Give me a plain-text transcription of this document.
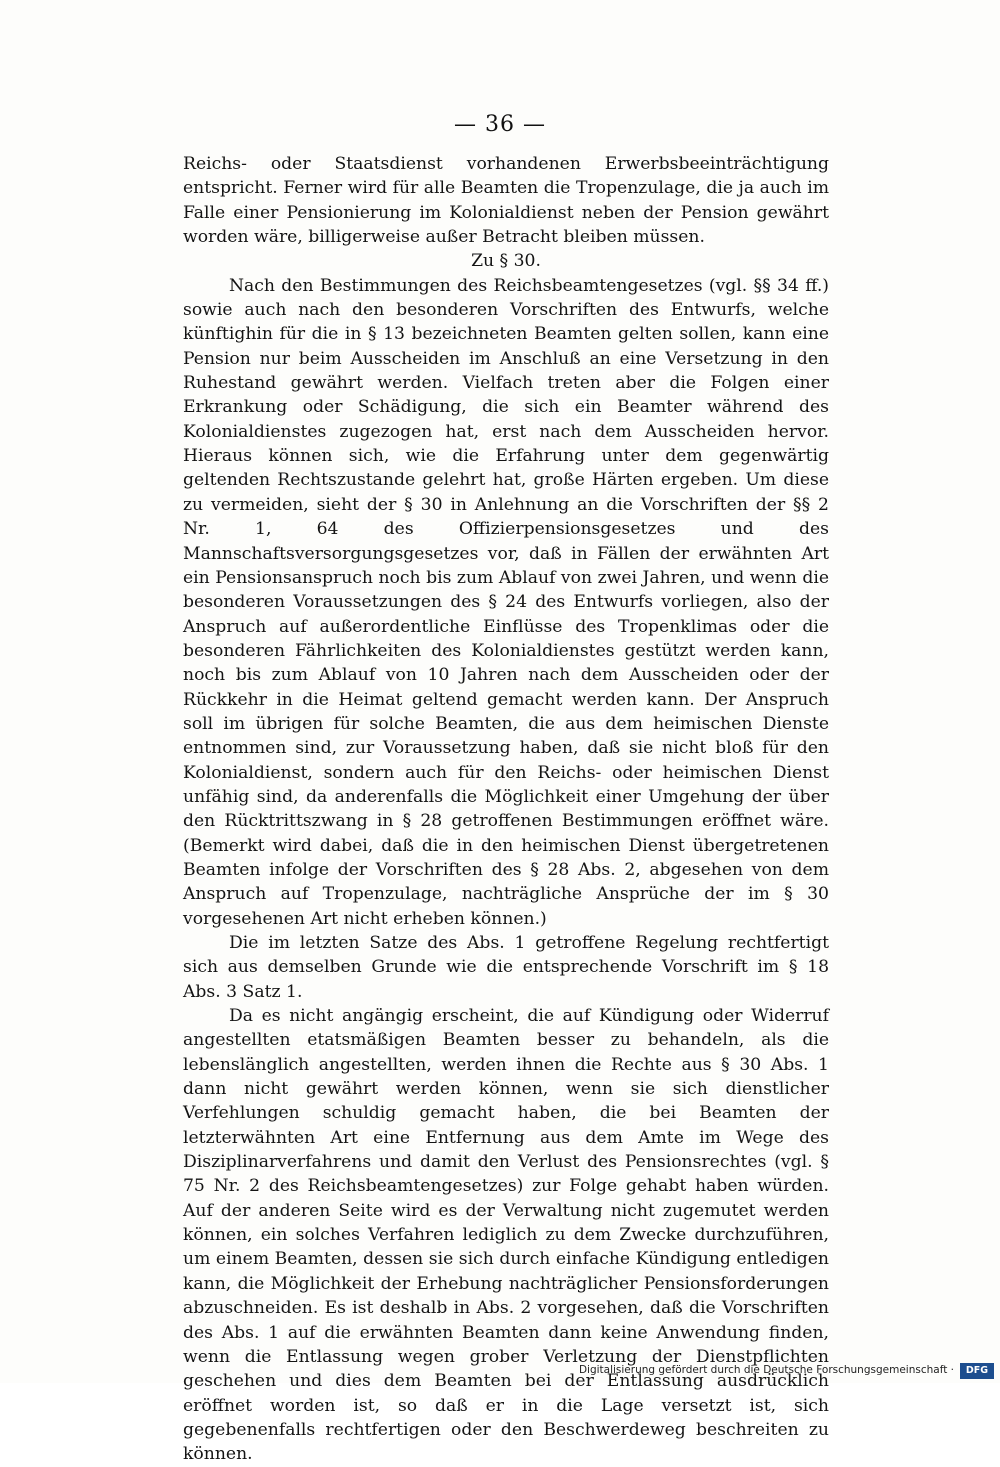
— 36 —

Reichs- oder Staatsdienst vorhandenen Erwerbsbeeinträchtigung entspricht. Ferner wird für alle Beamten die Tropenzulage, die ja auch im Falle einer Pensionierung im Kolonialdienst neben der Pension gewährt worden wäre, billigerweise außer Betracht bleiben müssen.

Zu § 30.

Nach den Bestimmungen des Reichsbeamtengesetzes (vgl. §§ 34 ff.) sowie auch nach den besonderen Vorschriften des Entwurfs, welche künftighin für die in § 13 bezeichneten Beamten gelten sollen, kann eine Pension nur beim Ausscheiden im Anschluß an eine Versetzung in den Ruhestand gewährt werden. Vielfach treten aber die Folgen einer Erkrankung oder Schädigung, die sich ein Beamter während des Kolonialdienstes zugezogen hat, erst nach dem Ausscheiden hervor. Hieraus können sich, wie die Erfahrung unter dem gegenwärtig geltenden Rechtszustande gelehrt hat, große Härten ergeben. Um diese zu vermeiden, sieht der § 30 in Anlehnung an die Vorschriften der §§ 2 Nr. 1, 64 des Offizierpensionsgesetzes und des Mannschaftsversorgungsgesetzes vor, daß in Fällen der erwähnten Art ein Pensionsanspruch noch bis zum Ablauf von zwei Jahren, und wenn die besonderen Voraussetzungen des § 24 des Entwurfs vorliegen, also der Anspruch auf außerordentliche Einflüsse des Tropenklimas oder die besonderen Fährlichkeiten des Kolonialdienstes gestützt werden kann, noch bis zum Ablauf von 10 Jahren nach dem Ausscheiden oder der Rückkehr in die Heimat geltend gemacht werden kann. Der Anspruch soll im übrigen für solche Beamten, die aus dem heimischen Dienste entnommen sind, zur Voraussetzung haben, daß sie nicht bloß für den Kolonialdienst, sondern auch für den Reichs- oder heimischen Dienst unfähig sind, da anderenfalls die Möglichkeit einer Umgehung der über den Rücktrittszwang in § 28 getroffenen Bestimmungen eröffnet wäre. (Bemerkt wird dabei, daß die in den heimischen Dienst übergetretenen Beamten infolge der Vorschriften des § 28 Abs. 2, abgesehen von dem Anspruch auf Tropenzulage, nachträgliche Ansprüche der im § 30 vorgesehenen Art nicht erheben können.)

Die im letzten Satze des Abs. 1 getroffene Regelung rechtfertigt sich aus demselben Grunde wie die entsprechende Vorschrift im § 18 Abs. 3 Satz 1.

Da es nicht angängig erscheint, die auf Kündigung oder Widerruf angestellten etatsmäßigen Beamten besser zu behandeln, als die lebenslänglich angestellten, werden ihnen die Rechte aus § 30 Abs. 1 dann nicht gewährt werden können, wenn sie sich dienstlicher Verfehlungen schuldig gemacht haben, die bei Beamten der letzterwähnten Art eine Entfernung aus dem Amte im Wege des Disziplinarverfahrens und damit den Verlust des Pensionsrechtes (vgl. § 75 Nr. 2 des Reichsbeamtengesetzes) zur Folge gehabt haben würden. Auf der anderen Seite wird es der Verwaltung nicht zugemutet werden können, ein solches Verfahren lediglich zu dem Zwecke durchzuführen, um einem Beamten, dessen sie sich durch einfache Kündigung entledigen kann, die Möglichkeit der Erhebung nachträglicher Pensionsforderungen abzuschneiden. Es ist deshalb in Abs. 2 vorgesehen, daß die Vorschriften des Abs. 1 auf die erwähnten Beamten dann keine Anwendung finden, wenn die Entlassung wegen grober Verletzung der Dienstpflichten geschehen und dies dem Beamten bei der Entlassung ausdrücklich eröffnet worden ist, so daß er in die Lage versetzt ist, sich gegebenenfalls rechtfertigen oder den Beschwerdeweg beschreiten zu können.

Digitalisierung gefördert durch die Deutsche Forschungsgemeinschaft ·	DFG
